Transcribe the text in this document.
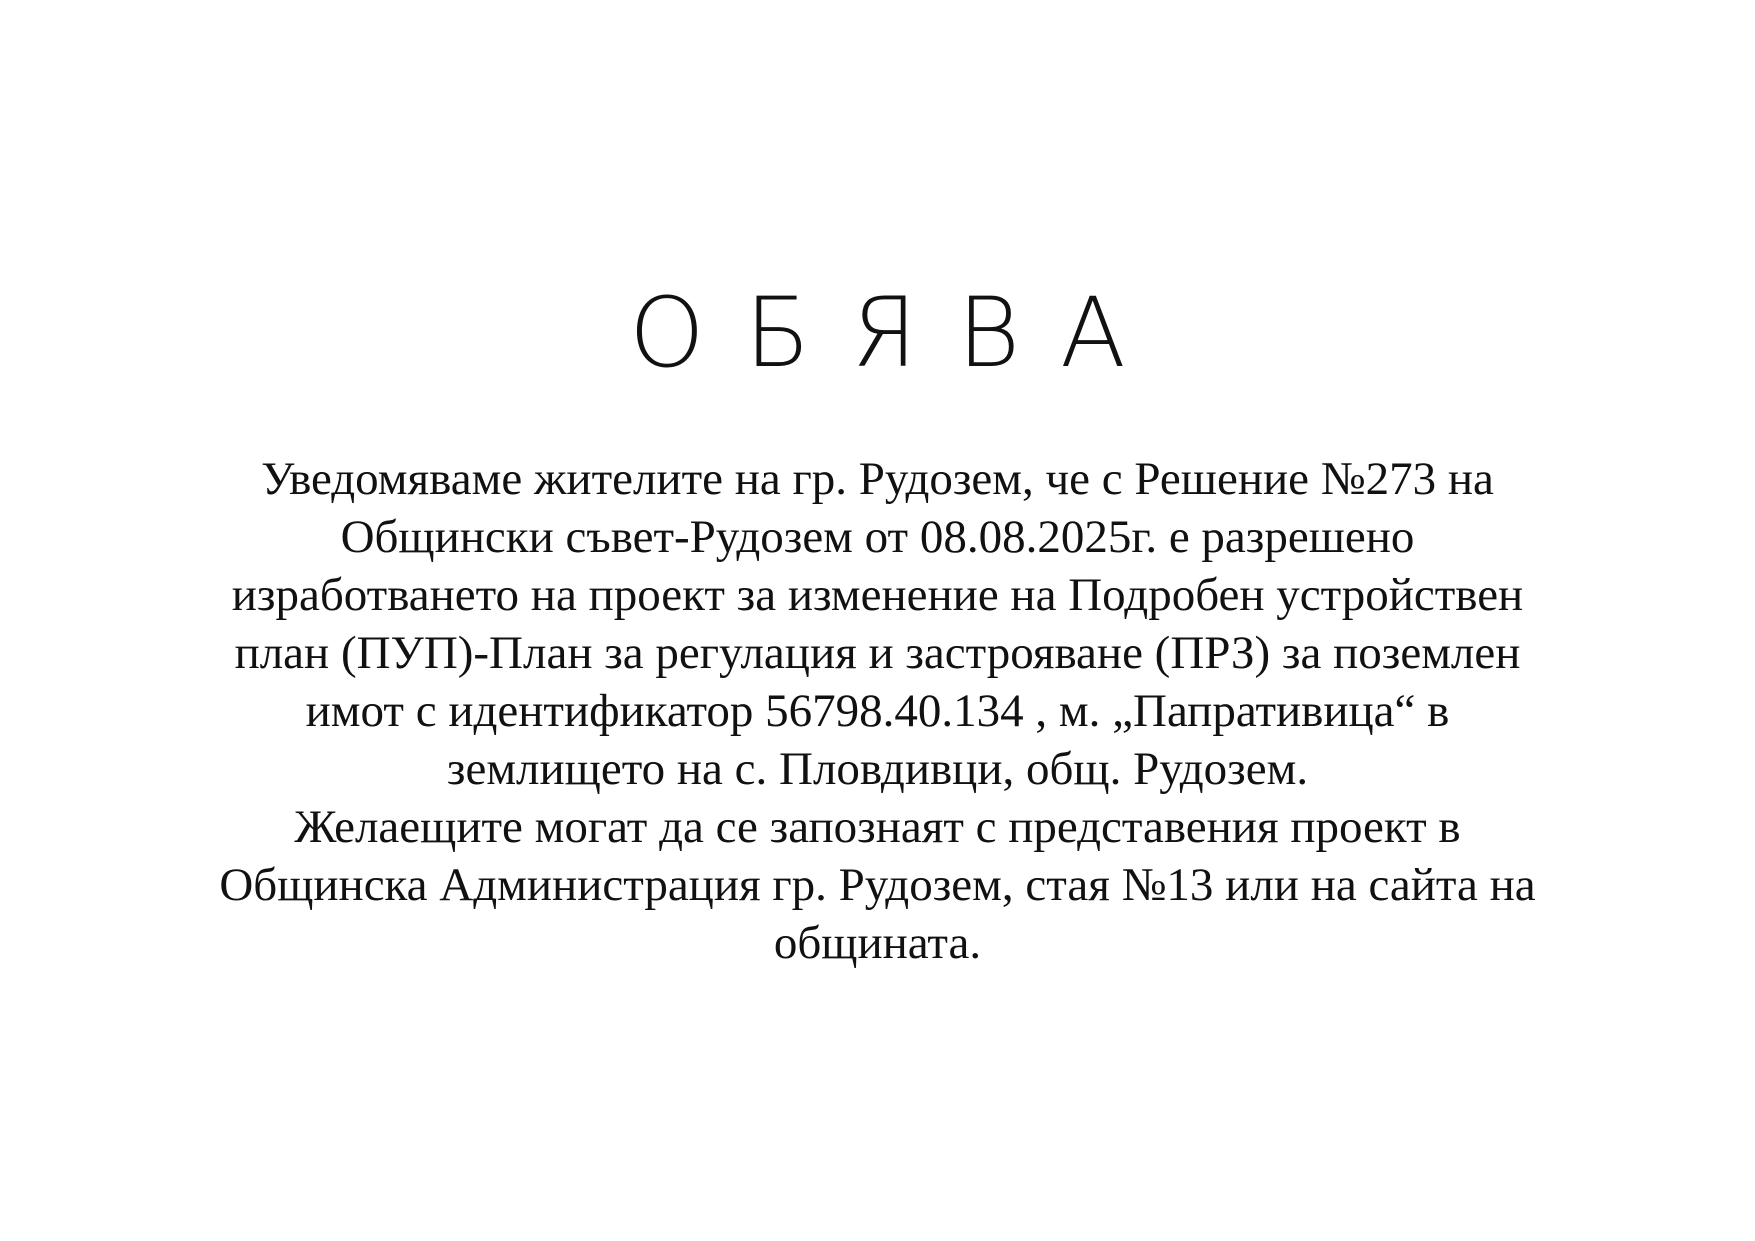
ОБЯВА
Уведомяваме жителите на гр. Рудозем, че с Решение №273 на
Общински съвет-Рудозем от 08.08.2025г. е разрешено
изработването на проект за изменение на Подробен устройствен
план (ПУП)-План за регулация и застрояване (ПРЗ) за поземлен
имот с идентификатор 56798.40.134 , м. „Папративица“ в
землището на с. Пловдивци, общ. Рудозем.
Желаещите могат да се запознаят с представения проект в
Общинска Администрация гр. Рудозем, стая №13 или на сайта на
общината.
